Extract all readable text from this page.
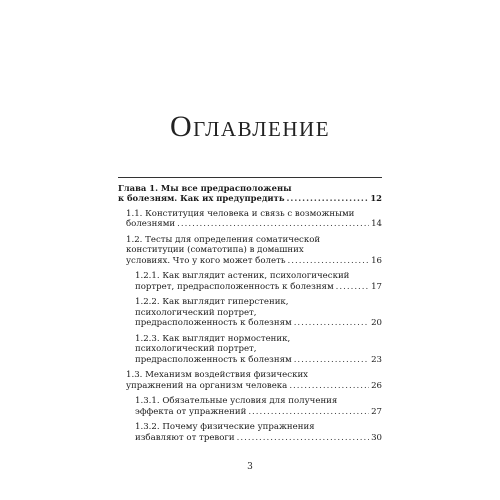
Оглавление
Глава 1. Мы все предрасположены
к болезням. Как их предупредить .....	12
1.1. Конституция человека и связь с возможными
болезнями .....	14
1.2. Тесты для определения соматической
конституции (соматотипа) в домашних
условиях. Что у кого может болеть .....	16
1.2.1. Как выглядит астеник, психологический
портрет, предрасположенность к болезням .....	17
1.2.2. Как выглядит гиперстеник,
психологический портрет,
предрасположенность к болезням .....	20
1.2.3. Как выглядит нормостеник,
психологический портрет,
предрасположенность к болезням .....	23
1.3. Механизм воздействия физических
упражнений на организм человека .....	26
1.3.1. Обязательные условия для получения
эффекта от упражнений .....	27
1.3.2. Почему физические упражнения
избавляют от тревоги .....	30
3
